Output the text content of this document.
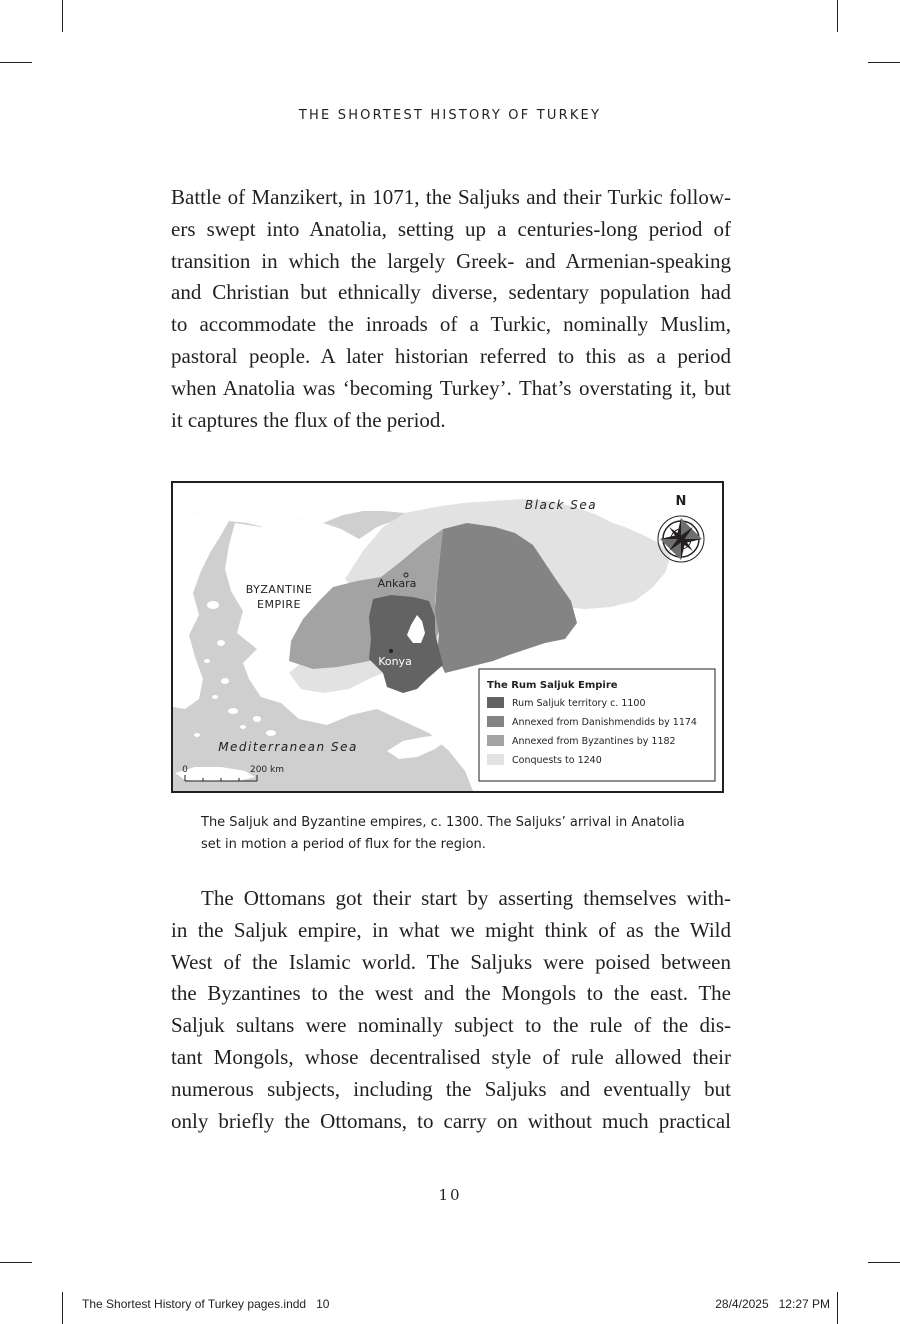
THE SHORTEST HISTORY OF TURKEY
Battle of Manzikert, in 1071, the Saljuks and their Turkic follow-
ers swept into Anatolia, setting up a centuries-long period of
transition in which the largely Greek- and Armenian-speaking
and Christian but ethnically diverse, sedentary population had
to accommodate the inroads of a Turkic, nominally Muslim,
pastoral people. A later historian referred to this as a period
when Anatolia was ‘becoming Turkey’. That’s overstating it, but
it captures the flux of the period.
N
Black Sea
Mediterranean Sea
BYZANTINE
EMPIRE
Ankara
Konya
0	200 km
The Rum Saljuk Empire
Rum Saljuk territory c. 1100
Annexed from Danishmendids by 1174
Annexed from Byzantines by 1182
Conquests to 1240
The Saljuk and Byzantine empires, c. 1300. The Saljuks’ arrival in Anatolia
set in motion a period of flux for the region.
The Ottomans got their start by asserting themselves with-
in the Saljuk empire, in what we might think of as the Wild
West of the Islamic world. The Saljuks were poised between
the Byzantines to the west and the Mongols to the east. The
Saljuk sultans were nominally subject to the rule of the dis-
tant Mongols, whose decentralised style of rule allowed their
numerous subjects, including the Saljuks and eventually but
only briefly the Ottomans, to carry on without much practical
10
The Shortest History of Turkey pages.indd   10	28/4/2025   12:27 PM
